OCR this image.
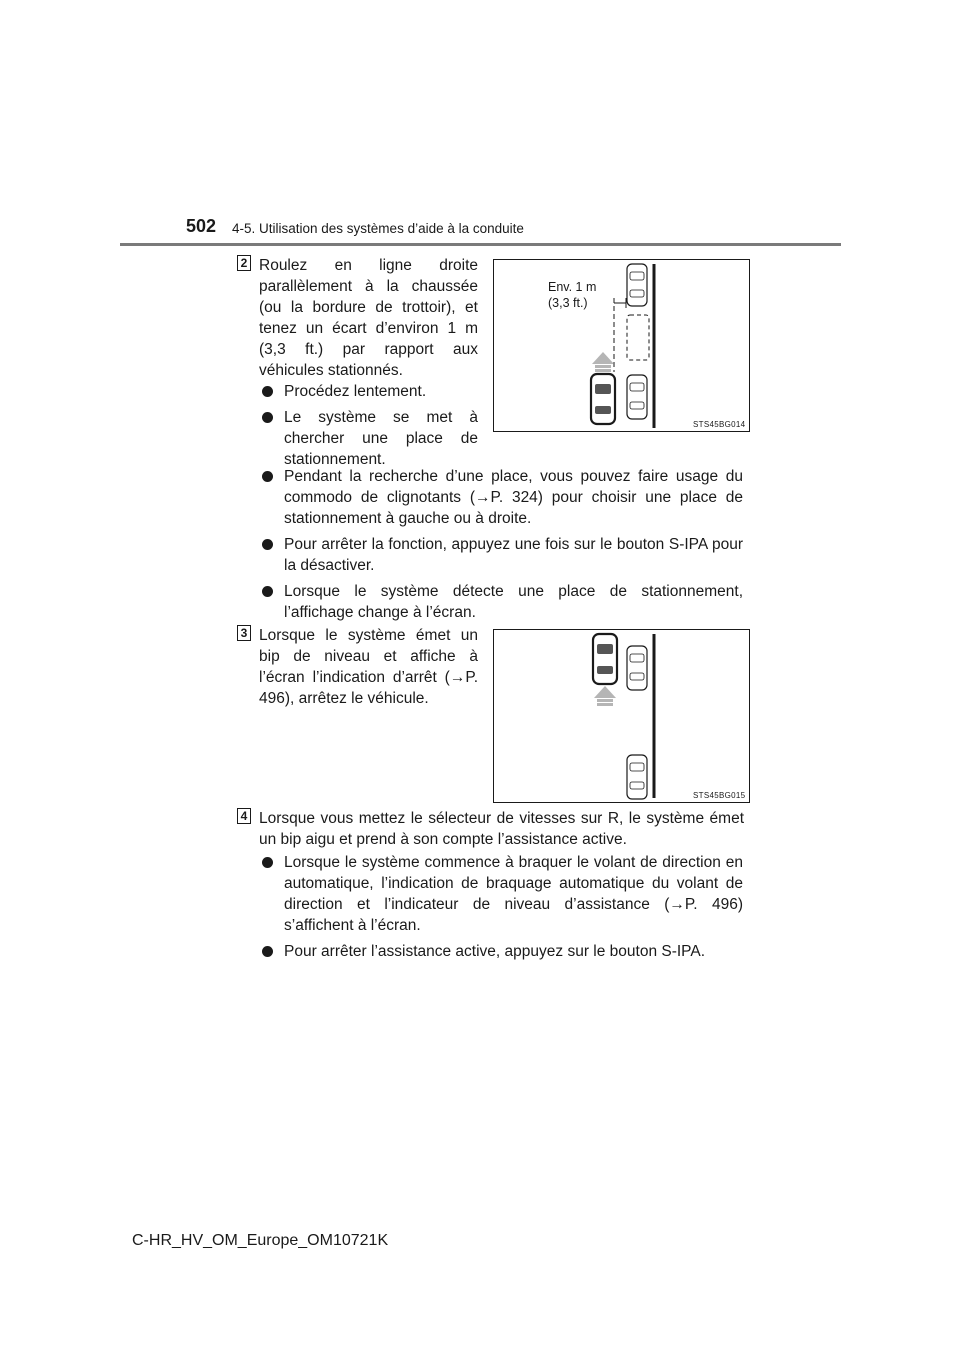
502 4-5. Utilisation des systèmes d’aide à la conduite
2 Roulez en ligne droite parallèlement à la chaussée (ou la bordure de trottoir), et tenez un écart d’environ 1 m (3,3 ft.) par rapport aux véhicules stationnés.
Procédez lentement.
Le système se met à chercher une place de stationnement.
Env. 1 m
(3,3 ft.)
STS45BG014
Pendant la recherche d’une place, vous pouvez faire usage du commodo de clignotants (→P. 324) pour choisir une place de stationnement à gauche ou à droite.
Pour arrêter la fonction, appuyez une fois sur le bouton S-IPA pour la désactiver.
Lorsque le système détecte une place de stationnement, l’affichage change à l’écran.
3 Lorsque le système émet un bip de niveau et affiche à l’écran l’indication d’arrêt (→P. 496), arrêtez le véhicule.
STS45BG015
4 Lorsque vous mettez le sélecteur de vitesses sur R, le système émet un bip aigu et prend à son compte l’assistance active.
Lorsque le système commence à braquer le volant de direction en automatique, l’indication de braquage automatique du volant de direction et l’indicateur de niveau d’assistance (→P. 496) s’affichent à l’écran.
Pour arrêter l’assistance active, appuyez sur le bouton S-IPA.
C-HR_HV_OM_Europe_OM10721K
